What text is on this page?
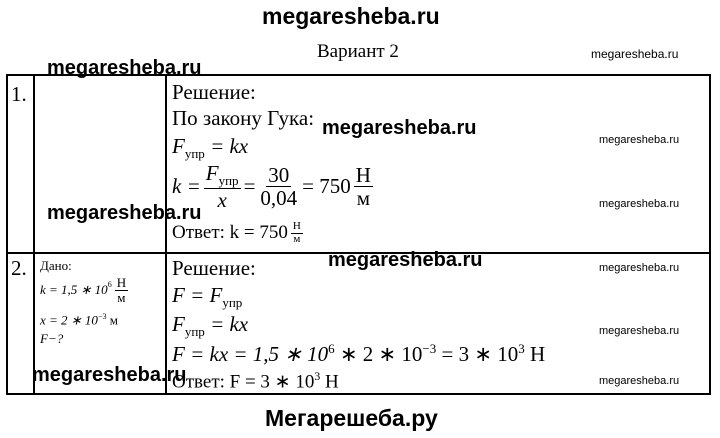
megaresheba.ru
Вариант 2	megaresheba.ru
1.	Решение:
По закону Гука:
$F_{упр}$ = kx
$k = \frac{F_{упр}}{x} = \frac{30}{0,04} = 750 \frac{Н}{м}$
Ответ: $k = 750 \frac{Н}{м}$
2. Дано:
k = 1,5 ∗ $10^6 \frac{Н}{м}$
x = 2 ∗ $10^{-3}$ м
F−?
Решение:
$F = F_{упр}$
$F_{упр}$ = kx
F = kx = 1,5 ∗ $10^6$ ∗ 2 ∗ $10^{-3} = 3$ ∗ $10^3$ Н
Ответ: F = 3 ∗ $10^3$ Н
megaresheba.ru
megaresheba.ru
megaresheba.ru
megaresheba.ru
megaresheba.ru
megaresheba.ru
megaresheba.ru
megaresheba.ru
megaresheba.ru
megaresheba.ru
Мегарешеба.ру
